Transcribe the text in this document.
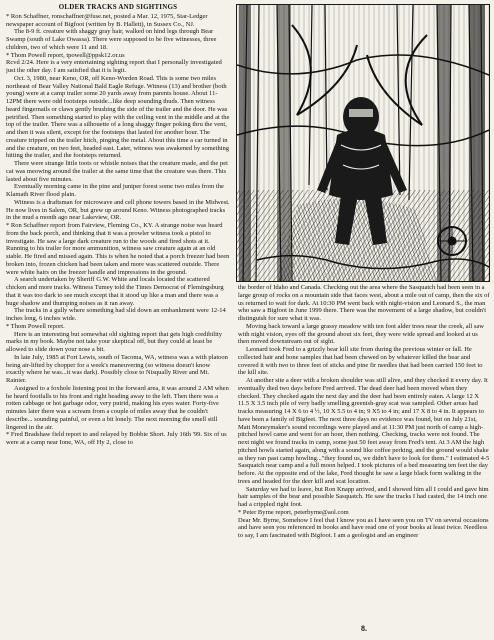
OLDER TRACKS AND SIGHTINGS

* Ron Schaffner, ronschaffner@fuse.net, posted a Mar. 12, 1975, Star-Ledger newspaper account of Bigfoot (written by B. Hallett), in Sussex Co., NJ.

The 8-9 ft. creature with shaggy gray hair, walked on hind legs through Bear Swamp (south of Lake Owassa). There were supposed to be five witnesses, three children, two of which were 11 and 18.

* Thom Powell report, tpowell@ppsk12.or.us

Rcvd 2/24. Here is a very entertaining sighting report that I personally investigated just the other day. I am satisfied that it is legit.

Oct. 3, 1980, near Keno, OR, off Keno-Worden Road. This is some two miles northeast of Bear Valley National Bald Eagle Refuge. Witness (13) and brother (both young) were at a camp trailer some 20 yards away from parents house. About 11-12PM there were odd footsteps outside...like deep sounding thuds. Then witness heard fingernails or claws gently brushing the side of the trailer and the door. He was petrified. Then something started to play with the ceiling vent in the middle and at the top of the trailer. There was a silhouette of a long shaggy finger poking thru the vent, and then it was silent, except for the footsteps that lasted for another hour. The creature tripped on the trailer hitch, pinging the metal. About this time a car turned in and the creature, on two feet, headed east. Later, witness was awakened by something hitting the trailer, and the footsteps returned.

There were strange little toots or whistle noises that the creature made, and the pet cat was meowing around the trailer at the same time that the creature was there. This lasted about five minutes.

Eventually morning came in the pine and juniper forest some two miles from the Klamath River flood plain.

Witness is a draftsman for microwave and cell phone towers based in the Midwest. He now lives in Salem, OR, but grew up around Keno. Witness photographed tracks in the mud a month ago near Lakeview, OR.

* Ron Schaffner report from Fairview, Fleming Co., KY. A strange noise was heard from the back porch, and thinking that it was a prowler witness took a pistol to investigate. He saw a large dark creature run to the woods and fired shots at it. Running to his trailer for more ammunition, witness saw creature again at an old stable. He fired and missed again. This is when he noted that a porch freezer had been broken into, frozen chicken had been taken and more was scattered outside. There were white hairs on the freezer handle and impressions in the ground.

A search undertaken by Sheriff G.W. White and locals located the scattered chicken and more tracks. Witness Tumey told the Times Democrat of Flemingsburg that it was too dark to see much except that it stood up like a man and there was a huge shadow and thumping noises as it ran away.

The tracks in a gully where something had slid down an embankment were 12-14 inches long, 6 inches wide.

* Thom Powell report.

Here is an interesting but somewhat old sighting report that gets high credibility marks in my book. Maybe not take your skeptical off, but they could at least be allowed to slide down your nose a bit.

In late July, 1985 at Fort Lewis, south of Tacoma, WA, witness was a with platoon being air-lifted by chopper for a week's maneuvering (so witness doesn't know exactly where he was...it was dark). Possibly close to Nisqually River and Mt. Rainier.

Assigned to a foxhole listening post in the forward area, it was around 2 AM when he heard footfalls to his front and right heading away to the left. Then there was a rotten cabbage or hot garbage odor, very putrid, making his eyes water. Forty-five minutes later there was a scream from a couple of miles away that he couldn't describe... sounding painful, or even a bit lonely. The next morning the smell still lingered in the air.

* Fred Bradshaw field report to and relayed by Bobbie Short. July 16th '99. Six of us were at a camp near Ione, WA, off Hy 2, close to

the border of Idaho and Canada. Checking out the area where the Sasquatch had been seen in a large group of rocks on a mountain side that faces west, about a mile out of camp, then the six of us returned to wait for dark. At 10:30 PM went back with night-vision and Leonard S., the man who saw a Bigfoot in June 1999 there. There was the movement of a large shadow, but couldn't distinguish for sure what it was.

Moving back toward a large grassy meadow with ten foot alder trees near the creek, all saw with night vision, eyes off the ground about six feet, they were wide spread and looked at us then moved downstream out of sight.

Leonard took Fred to a grizzly bear kill site from during the previous winter or fall. He collected hair and bone samples that had been chewed on by whatever killed the bear and covered it with two to three feet of sticks and pine fir needles that had been carried 150 feet to the kill site.

At another site a deer with a broken shoulder was still alive, and they checked it every day. It eventually died two days before Fred arrived. The dead deer had been moved when they checked. They checked again the next day and the deer had been entirely eaten. A large 12 X 11.5 X 3.5 inch pile of very badly smelling greenish-gray scat was sampled. Other areas had tracks measuring 14 X 6 to 4 ½, 10 X 5.5 to 4 in; 9 X5 to 4 in; and 17 X 8 to 4 in. It appears to have been a family of Bigfeet. The next three days no evidence was found, but on July 21st, Matt Moneymaker's sound recordings were played and at 11:30 PM just north of camp a high-pitched howl came and went for an hour, then nothing. Checking, tracks were not found. The next night we found tracks in camp, some just 50 feet away from Fred's tent. At 3 AM the high pitched howls started again, along with a sound like coffee perking, and the ground would shake as they ran past camp howling..."they found us, we didn't have to look for them." I estimated 4-5 Sasquatch near camp and a full moon helped. I took pictures of a bed measuring ten feet the day before. At the opposite end of the lake, Fred thought he saw a large black form walking in the trees and headed for the deer kill and scat location.

Saturday we had to leave, but Ron Knapp arrived, and I showed him all I could and gave him hair samples of the bear and possible Sasquatch. He saw the tracks I had casted, the 14 inch one had a crippled right foot.

* Peter Byrne report, peterbyrne@aol.com

Dear Mr. Byrne, Somehow I feel that I know you as I have seen you on TV on several occasions and have seen you referenced in books and have read one of your books at least twice. Needless to say, I am fascinated with Bigfoot. I am a geologist and an engineer

8.
